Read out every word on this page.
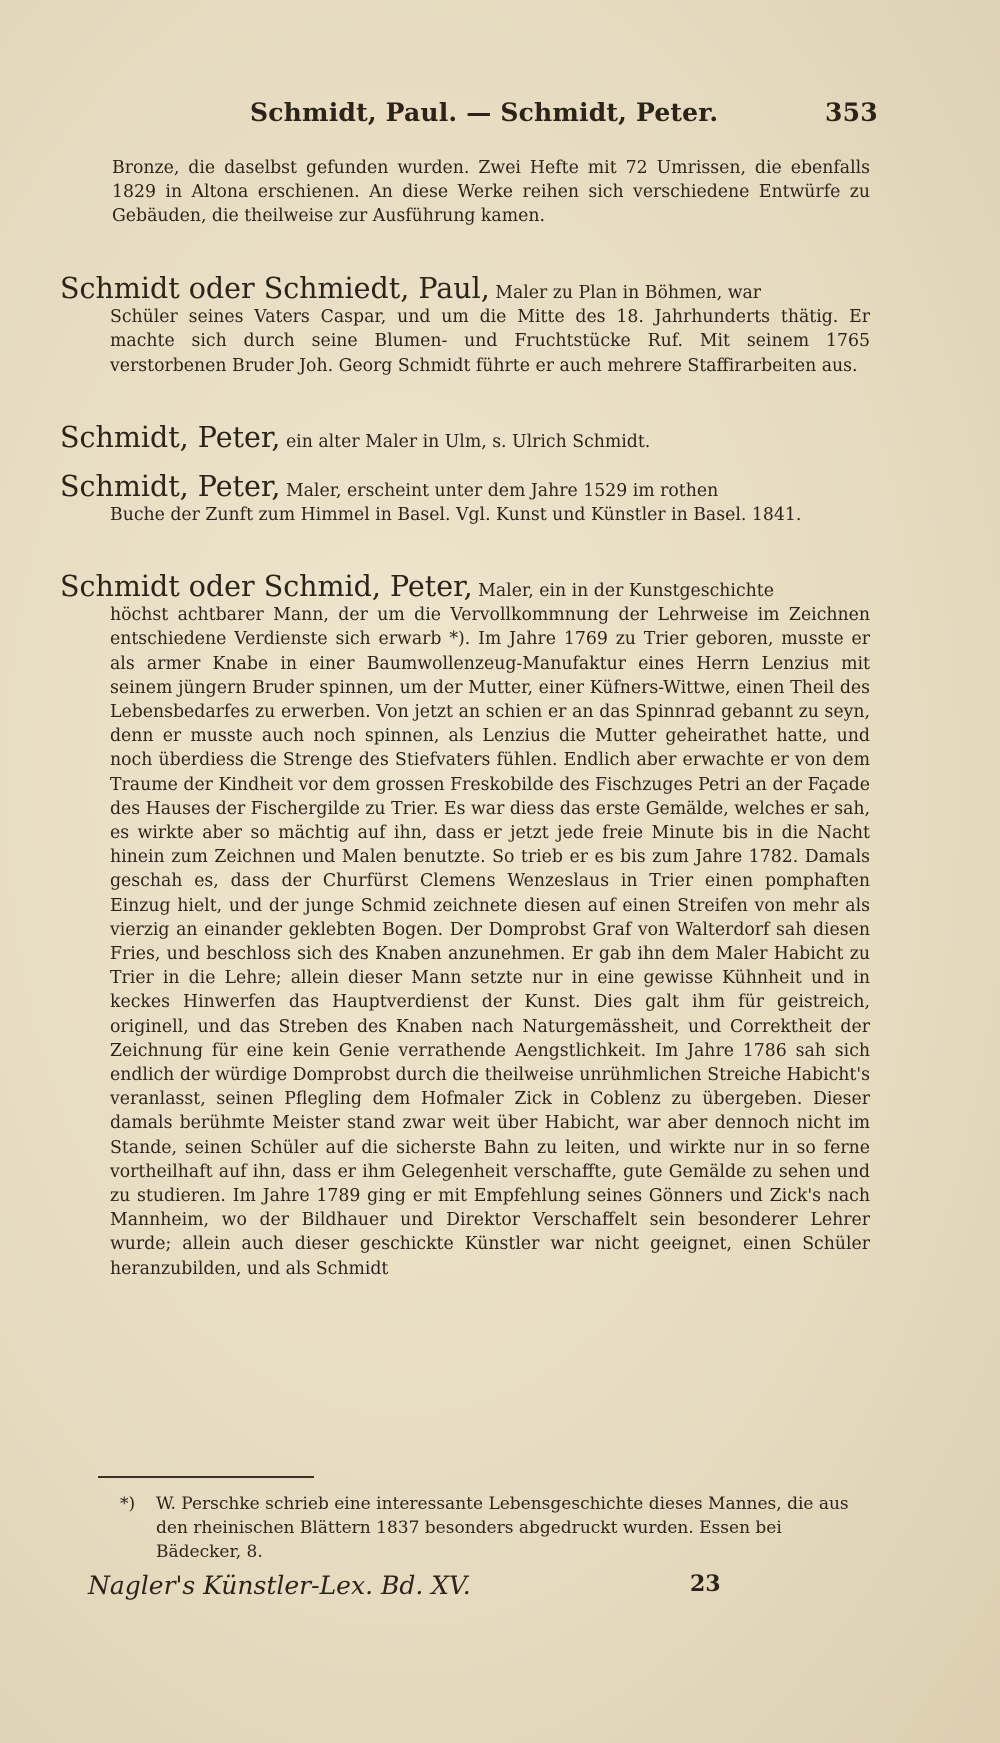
Schmidt, Paul. — Schmidt, Peter.	353

Bronze, die daselbst gefunden wurden. Zwei Hefte mit 72 Umrissen, die ebenfalls 1829 in Altona erschienen. An diese Werke reihen sich verschiedene Entwürfe zu Gebäuden, die theilweise zur Ausführung kamen.

Schmidt oder Schmiedt, Paul, Maler zu Plan in Böhmen, war

Schüler seines Vaters Caspar, und um die Mitte des 18. Jahrhunderts thätig. Er machte sich durch seine Blumen- und Fruchtstücke Ruf. Mit seinem 1765 verstorbenen Bruder Joh. Georg Schmidt führte er auch mehrere Staffirarbeiten aus.

Schmidt, Peter, ein alter Maler in Ulm, s. Ulrich Schmidt.

Schmidt, Peter, Maler, erscheint unter dem Jahre 1529 im rothen

Buche der Zunft zum Himmel in Basel. Vgl. Kunst und Künstler in Basel. 1841.

Schmidt oder Schmid, Peter, Maler, ein in der Kunstgeschichte

höchst achtbarer Mann, der um die Vervollkommnung der Lehrweise im Zeichnen entschiedene Verdienste sich erwarb *). Im Jahre 1769 zu Trier geboren, musste er als armer Knabe in einer Baumwollenzeug-Manufaktur eines Herrn Lenzius mit seinem jüngern Bruder spinnen, um der Mutter, einer Küfners-Wittwe, einen Theil des Lebensbedarfes zu erwerben. Von jetzt an schien er an das Spinnrad gebannt zu seyn, denn er musste auch noch spinnen, als Lenzius die Mutter geheirathet hatte, und noch überdiess die Strenge des Stiefvaters fühlen. Endlich aber erwachte er von dem Traume der Kindheit vor dem grossen Freskobilde des Fischzuges Petri an der Façade des Hauses der Fischergilde zu Trier. Es war diess das erste Gemälde, welches er sah, es wirkte aber so mächtig auf ihn, dass er jetzt jede freie Minute bis in die Nacht hinein zum Zeichnen und Malen benutzte. So trieb er es bis zum Jahre 1782. Damals geschah es, dass der Churfürst Clemens Wenzeslaus in Trier einen pomphaften Einzug hielt, und der junge Schmid zeichnete diesen auf einen Streifen von mehr als vierzig an einander geklebten Bogen. Der Domprobst Graf von Walterdorf sah diesen Fries, und beschloss sich des Knaben anzunehmen. Er gab ihn dem Maler Habicht zu Trier in die Lehre; allein dieser Mann setzte nur in eine gewisse Kühnheit und in keckes Hinwerfen das Hauptverdienst der Kunst. Dies galt ihm für geistreich, originell, und das Streben des Knaben nach Naturgemässheit, und Correktheit der Zeichnung für eine kein Genie verrathende Aengstlichkeit. Im Jahre 1786 sah sich endlich der würdige Domprobst durch die theilweise unrühmlichen Streiche Habicht's veranlasst, seinen Pflegling dem Hofmaler Zick in Coblenz zu übergeben. Dieser damals berühmte Meister stand zwar weit über Habicht, war aber dennoch nicht im Stande, seinen Schüler auf die sicherste Bahn zu leiten, und wirkte nur in so ferne vortheilhaft auf ihn, dass er ihm Gelegenheit verschaffte, gute Gemälde zu sehen und zu studieren. Im Jahre 1789 ging er mit Empfehlung seines Gönners und Zick's nach Mannheim, wo der Bildhauer und Direktor Verschaffelt sein besonderer Lehrer wurde; allein auch dieser geschickte Künstler war nicht geeignet, einen Schüler heranzubilden, und als Schmidt

*)	W. Perschke schrieb eine interessante Lebensgeschichte dieses Mannes, die aus den rheinischen Blättern 1837 besonders abgedruckt wurden. Essen bei Bädecker, 8.
Nagler's Künstler-Lex. Bd. XV.	23
